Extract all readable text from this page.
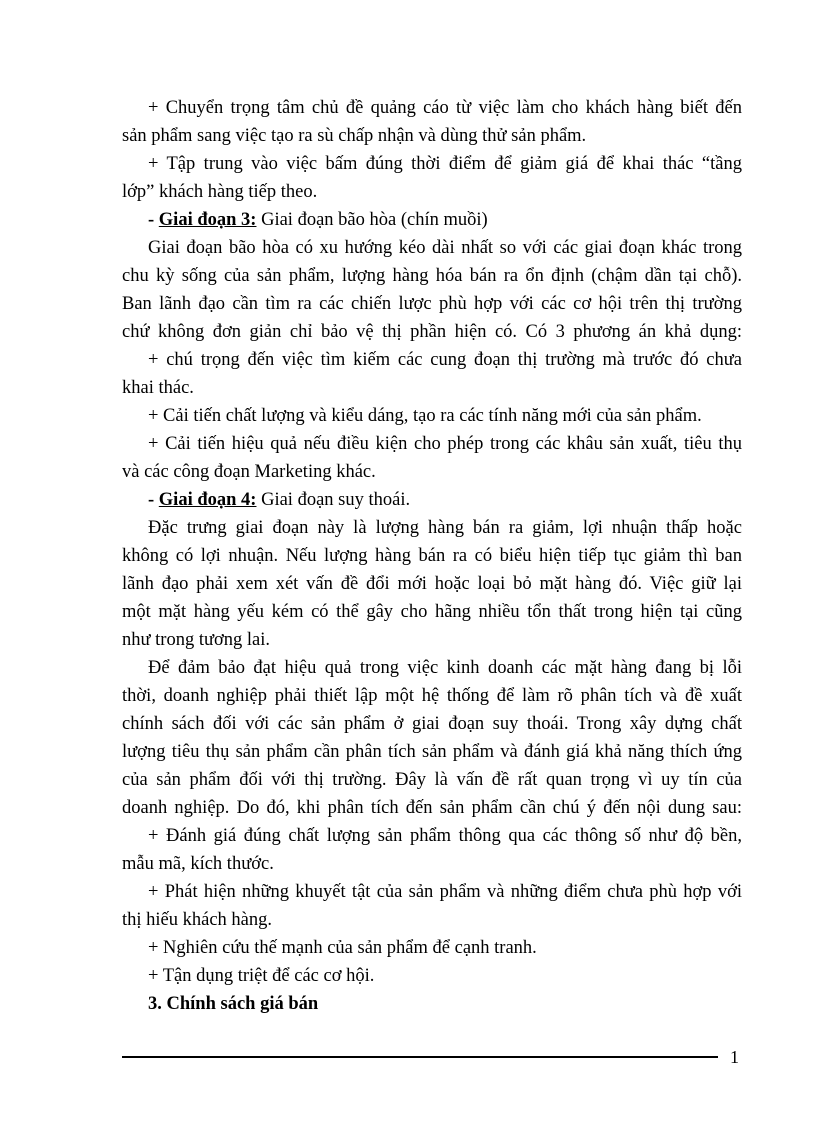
+ Chuyển trọng tâm chủ đề quảng cáo từ việc làm cho khách hàng biết đến

sản phẩm sang việc tạo ra sù chấp nhận và dùng thử sản phẩm.

+ Tập trung vào việc bấm đúng thời điểm để giảm giá để khai thác “tầng

lớp” khách hàng tiếp theo.

- Giai đoạn 3: Giai đoạn bão hòa (chín muồi)

Giai đoạn bão hòa có xu hướng kéo dài nhất so với các giai đoạn khác trong

chu kỳ sống của sản phẩm, lượng hàng hóa bán ra ổn định (chậm dần tại chỗ).

Ban lãnh đạo cần tìm ra các chiến lược phù hợp với các cơ hội trên thị trường

chứ không đơn giản chỉ bảo vệ thị phần hiện có. Có 3 phương án khả dụng:

+ chú trọng đến việc tìm kiếm các cung đoạn thị trường mà trước đó chưa

khai thác.

+ Cải tiến chất lượng và kiểu dáng, tạo ra các tính năng mới của sản phẩm.

+ Cải tiến hiệu quả nếu điều kiện cho phép trong các khâu sản xuất, tiêu thụ

và các công đoạn Marketing khác.

- Giai đoạn 4: Giai đoạn suy thoái.

Đặc trưng giai đoạn này là lượng hàng bán ra giảm, lợi nhuận thấp hoặc

không có lợi nhuận. Nếu lượng hàng bán ra có biểu hiện tiếp tục giảm thì ban

lãnh đạo phải xem xét vấn đề đổi mới hoặc loại bỏ mặt hàng đó. Việc giữ lại

một mặt hàng yếu kém có thể gây cho hãng nhiều tổn thất trong hiện tại cũng

như trong tương lai.

Để đảm bảo đạt hiệu quả trong việc kinh doanh các mặt hàng đang bị lỗi

thời, doanh nghiệp phải thiết lập một hệ thống để làm rõ phân tích và đề xuất

chính sách đối với các sản phẩm ở giai đoạn suy thoái. Trong xây dựng chất

lượng tiêu thụ sản phẩm cần phân tích sản phẩm và đánh giá khả năng thích ứng

của sản phẩm đối với thị trường. Đây là vấn đề rất quan trọng vì uy tín của

doanh nghiệp. Do đó, khi phân tích đến sản phẩm cần chú ý đến nội dung sau:

+ Đánh giá đúng chất lượng sản phẩm thông qua các thông số như độ bền,

mẫu mã, kích thước.

+ Phát hiện những khuyết tật của sản phẩm và những điểm chưa phù hợp với

thị hiếu khách hàng.

+ Nghiên cứu thế mạnh của sản phẩm để cạnh tranh.

+ Tận dụng triệt để các cơ hội.

3. Chính sách giá bán

1
